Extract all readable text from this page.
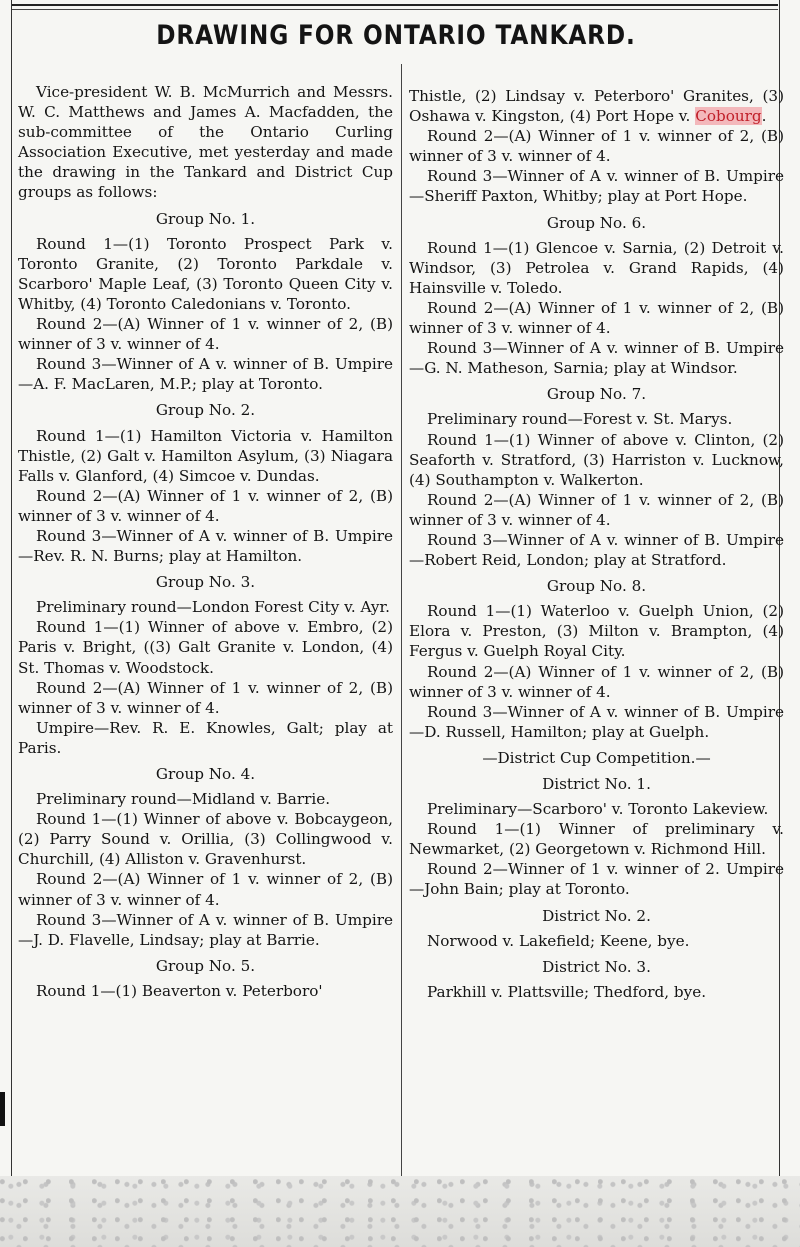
DRAWING FOR ONTARIO TANKARD.

Vice-president W. B. McMurrich and Messrs. W. C. Matthews and James A. Macfadden, the sub-committee of the Ontario Curling Association Executive, met yesterday and made the drawing in the Tankard and District Cup groups as follows:

Group No. 1.

Round 1—(1) Toronto Prospect Park v. Toronto Granite, (2) Toronto Parkdale v. Scarboro' Maple Leaf, (3) Toronto Queen City v. Whitby, (4) Toronto Caledonians v. Toronto.

Round 2—(A) Winner of 1 v. winner of 2, (B) winner of 3 v. winner of 4.

Round 3—Winner of A v. winner of B. Umpire—A. F. MacLaren, M.P.; play at Toronto.

Group No. 2.

Round 1—(1) Hamilton Victoria v. Hamilton Thistle, (2) Galt v. Hamilton Asylum, (3) Niagara Falls v. Glanford, (4) Simcoe v. Dundas.

Round 2—(A) Winner of 1 v. winner of 2, (B) winner of 3 v. winner of 4.

Round 3—Winner of A v. winner of B. Umpire—Rev. R. N. Burns; play at Hamilton.

Group No. 3.

Preliminary round—London Forest City v. Ayr.

Round 1—(1) Winner of above v. Embro, (2) Paris v. Bright, ((3) Galt Granite v. London, (4) St. Thomas v. Woodstock.

Round 2—(A) Winner of 1 v. winner of 2, (B) winner of 3 v. winner of 4.

Umpire—Rev. R. E. Knowles, Galt; play at Paris.

Group No. 4.

Preliminary round—Midland v. Barrie.

Round 1—(1) Winner of above v. Bobcaygeon, (2) Parry Sound v. Orillia, (3) Collingwood v. Churchill, (4) Alliston v. Gravenhurst.

Round 2—(A) Winner of 1 v. winner of 2, (B) winner of 3 v. winner of 4.

Round 3—Winner of A v. winner of B. Umpire—J. D. Flavelle, Lindsay; play at Barrie.

Group No. 5.

Round 1—(1) Beaverton v. Peterboro'

Thistle, (2) Lindsay v. Peterboro' Granites, (3) Oshawa v. Kingston, (4) Port Hope v. Cobourg.

Round 2—(A) Winner of 1 v. winner of 2, (B) winner of 3 v. winner of 4.

Round 3—Winner of A v. winner of B. Umpire—Sheriff Paxton, Whitby; play at Port Hope.

Group No. 6.

Round 1—(1) Glencoe v. Sarnia, (2) Detroit v. Windsor, (3) Petrolea v. Grand Rapids, (4) Hainsville v. Toledo.

Round 2—(A) Winner of 1 v. winner of 2, (B) winner of 3 v. winner of 4.

Round 3—Winner of A v. winner of B. Umpire—G. N. Matheson, Sarnia; play at Windsor.

Group No. 7.

Preliminary round—Forest v. St. Marys.

Round 1—(1) Winner of above v. Clinton, (2) Seaforth v. Stratford, (3) Harriston v. Lucknow, (4) Southampton v. Walkerton.

Round 2—(A) Winner of 1 v. winner of 2, (B) winner of 3 v. winner of 4.

Round 3—Winner of A v. winner of B. Umpire—Robert Reid, London; play at Stratford.

Group No. 8.

Round 1—(1) Waterloo v. Guelph Union, (2) Elora v. Preston, (3) Milton v. Brampton, (4) Fergus v. Guelph Royal City.

Round 2—(A) Winner of 1 v. winner of 2, (B) winner of 3 v. winner of 4.

Round 3—Winner of A v. winner of B. Umpire—D. Russell, Hamilton; play at Guelph.

—District Cup Competition.—
District No. 1.

Preliminary—Scarboro' v. Toronto Lakeview.

Round 1—(1) Winner of preliminary v. Newmarket, (2) Georgetown v. Richmond Hill.

Round 2—Winner of 1 v. winner of 2. Umpire—John Bain; play at Toronto.

District No. 2.

Norwood v. Lakefield; Keene, bye.

District No. 3.

Parkhill v. Plattsville; Thedford, bye.
